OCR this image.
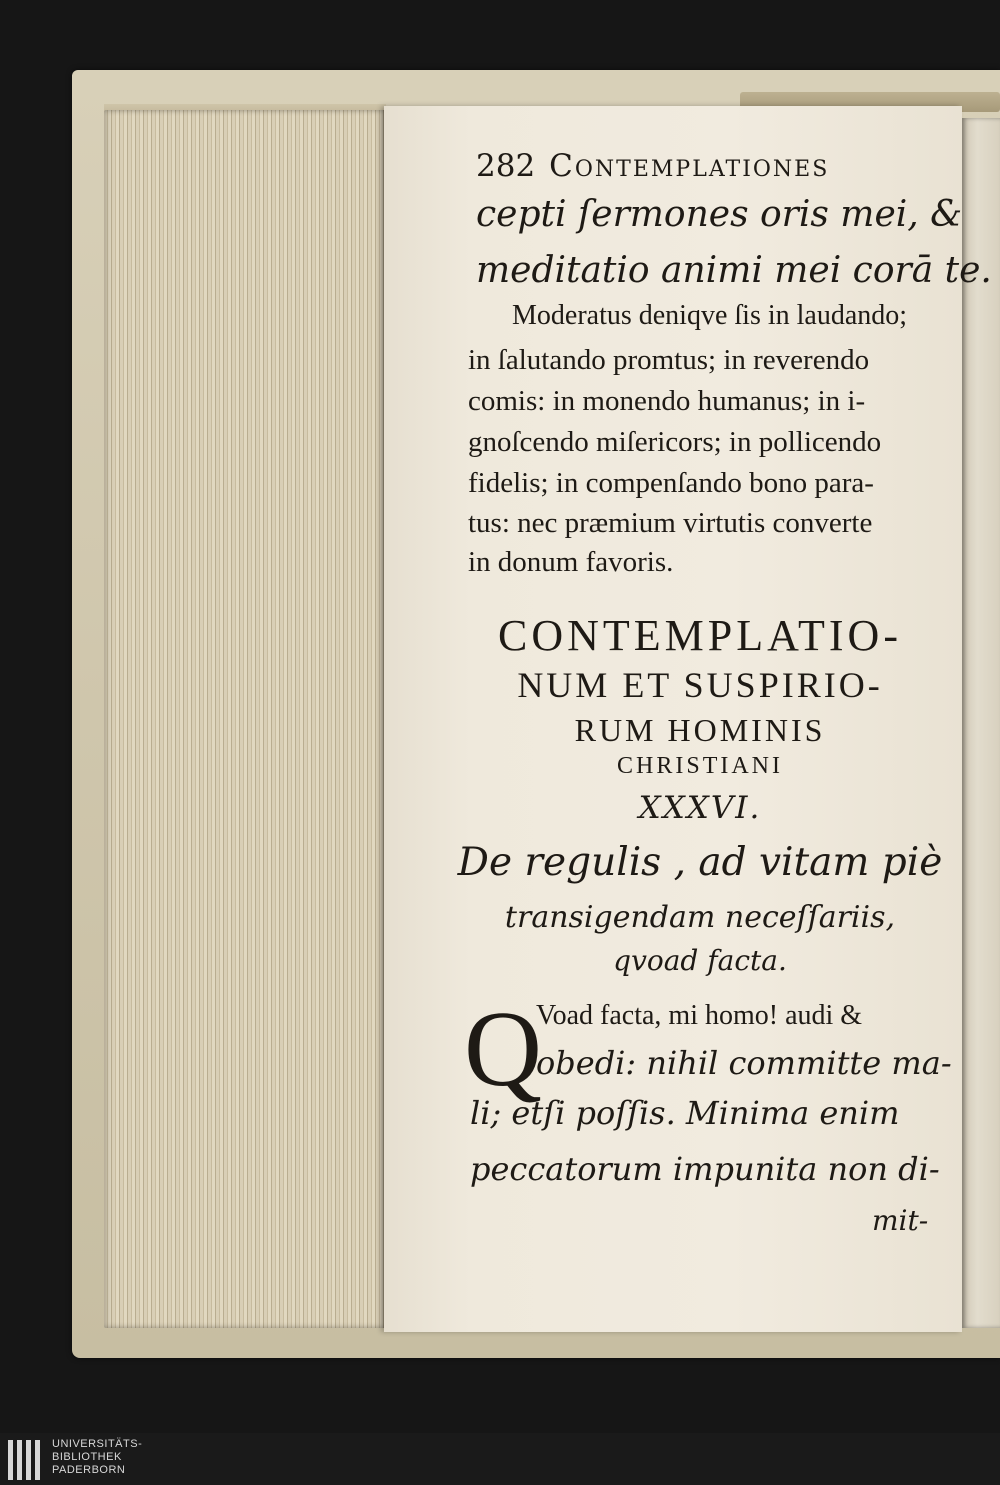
282 Contemplationes
cepti ſermones oris mei, &
meditatio animi mei corā te.
Moderatus deniqve ſis in laudando;
in ſalutando promtus; in reverendo
comis: in monendo humanus; in i-
gnoſcendo miſericors; in pollicendo
fidelis; in compenſando bono para-
tus: nec præmium virtutis converte
in donum favoris.
CONTEMPLATIO-
NUM ET SUSPIRIO-
RUM HOMINIS
CHRISTIANI
XXXVI.
De regulis , ad vitam piè
transigendam neceſſariis,
qvoad facta.
Q
Voad facta, mi homo! audi &
obedi: nihil committe ma-
li; etſi poſſis. Minima enim
peccatorum impunita non di-
mit-
UNIVERSITÄTS-
BIBLIOTHEK
PADERBORN
